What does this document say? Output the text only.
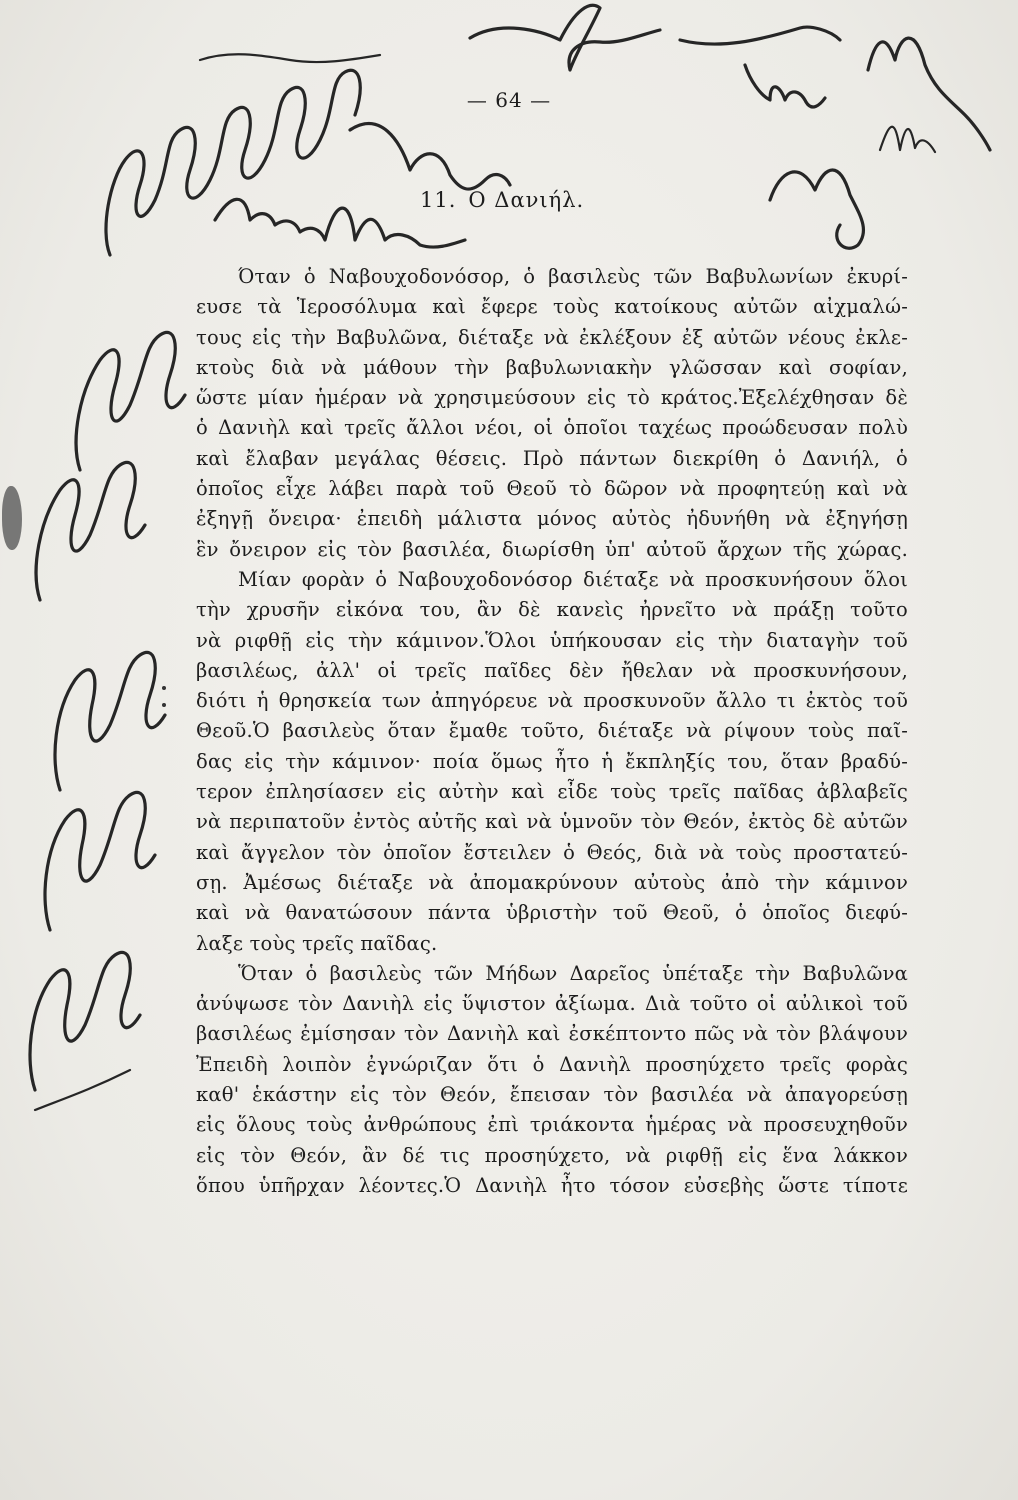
— 64 —
11. Ο Δανιήλ.
Όταν ὁ Ναβουχοδονόσορ, ὁ βασιλεὺς τῶν Βαβυλωνίων ἐκυρί-
ευσε τὰ Ἱεροσόλυμα καὶ ἔφερε τοὺς κατοίκους αὐτῶν αἰχμαλώ-
τους εἰς τὴν Βαβυλῶνα, διέταξε νὰ ἐκλέξουν ἐξ αὐτῶν νέους ἐκλε-
κτοὺς διὰ νὰ μάθουν τὴν βαβυλωνιακὴν γλῶσσαν καὶ σοφίαν,
ὥστε μίαν ἡμέραν νὰ χρησιμεύσουν εἰς τὸ κράτος.Ἐξελέχθησαν δὲ
ὁ Δανιὴλ καὶ τρεῖς ἄλλοι νέοι, οἱ ὁποῖοι ταχέως προώδευσαν πολὺ
καὶ ἔλαβαν μεγάλας θέσεις. Πρὸ πάντων διεκρίθη ὁ Δανιήλ, ὁ
ὁποῖος εἶχε λάβει παρὰ τοῦ Θεοῦ τὸ δῶρον νὰ προφητεύῃ καὶ νὰ
ἐξηγῇ ὄνειρα· ἐπειδὴ μάλιστα μόνος αὐτὸς ἠδυνήθη νὰ ἐξηγήσῃ
ἓν ὄνειρον εἰς τὸν βασιλέα, διωρίσθη ὑπ' αὐτοῦ ἄρχων τῆς χώρας.
Μίαν φορὰν ὁ Ναβουχοδονόσορ διέταξε νὰ προσκυνήσουν ὅλοι
τὴν χρυσῆν εἰκόνα του, ἂν δὲ κανεὶς ἠρνεῖτο νὰ πράξῃ τοῦτο
νὰ ριφθῇ εἰς τὴν κάμινον.Ὅλοι ὑπήκουσαν εἰς τὴν διαταγὴν τοῦ
βασιλέως, ἀλλ' οἱ τρεῖς παῖδες δὲν ἤθελαν νὰ προσκυνήσουν,
διότι ἡ θρησκεία των ἀπηγόρευε νὰ προσκυνοῦν ἄλλο τι ἐκτὸς τοῦ
Θεοῦ.Ὁ βασιλεὺς ὅταν ἔμαθε τοῦτο, διέταξε νὰ ρίψουν τοὺς παῖ-
δας εἰς τὴν κάμινον· ποία ὅμως ἦτο ἡ ἔκπληξίς του, ὅταν βραδύ-
τερον ἐπλησίασεν εἰς αὐτὴν καὶ εἶδε τοὺς τρεῖς παῖδας ἀβλαβεῖς
νὰ περιπατοῦν ἐντὸς αὐτῆς καὶ νὰ ὑμνοῦν τὸν Θεόν, ἐκτὸς δὲ αὐτῶν
καὶ ἄγγελον τὸν ὁποῖον ἔστειλεν ὁ Θεός, διὰ νὰ τοὺς προστατεύ-
σῃ. Ἀμέσως διέταξε νὰ ἀπομακρύνουν αὐτοὺς ἀπὸ τὴν κάμινον
καὶ νὰ θανατώσουν πάντα ὑβριστὴν τοῦ Θεοῦ, ὁ ὁποῖος διεφύ-
λαξε τοὺς τρεῖς παῖδας.
Ὅταν ὁ βασιλεὺς τῶν Μήδων Δαρεῖος ὑπέταξε τὴν Βαβυλῶνα
ἀνύψωσε τὸν Δανιὴλ εἰς ὕψιστον ἀξίωμα. Διὰ τοῦτο οἱ αὐλικοὶ τοῦ
βασιλέως ἐμίσησαν τὸν Δανιὴλ καὶ ἐσκέπτοντο πῶς νὰ τὸν βλάψουν
Ἐπειδὴ λοιπὸν ἐγνώριζαν ὅτι ὁ Δανιὴλ προσηύχετο τρεῖς φορὰς
καθ' ἑκάστην εἰς τὸν Θεόν, ἔπεισαν τὸν βασιλέα νὰ ἀπαγορεύσῃ
εἰς ὅλους τοὺς ἀνθρώπους ἐπὶ τριάκοντα ἡμέρας νὰ προσευχηθοῦν
εἰς τὸν Θεόν, ἂν δέ τις προσηύχετο, νὰ ριφθῇ εἰς ἕνα λάκκον
ὅπου ὑπῆρχαν λέοντες.Ὁ Δανιὴλ ἦτο τόσον εὐσεβὴς ὥστε τίποτε
